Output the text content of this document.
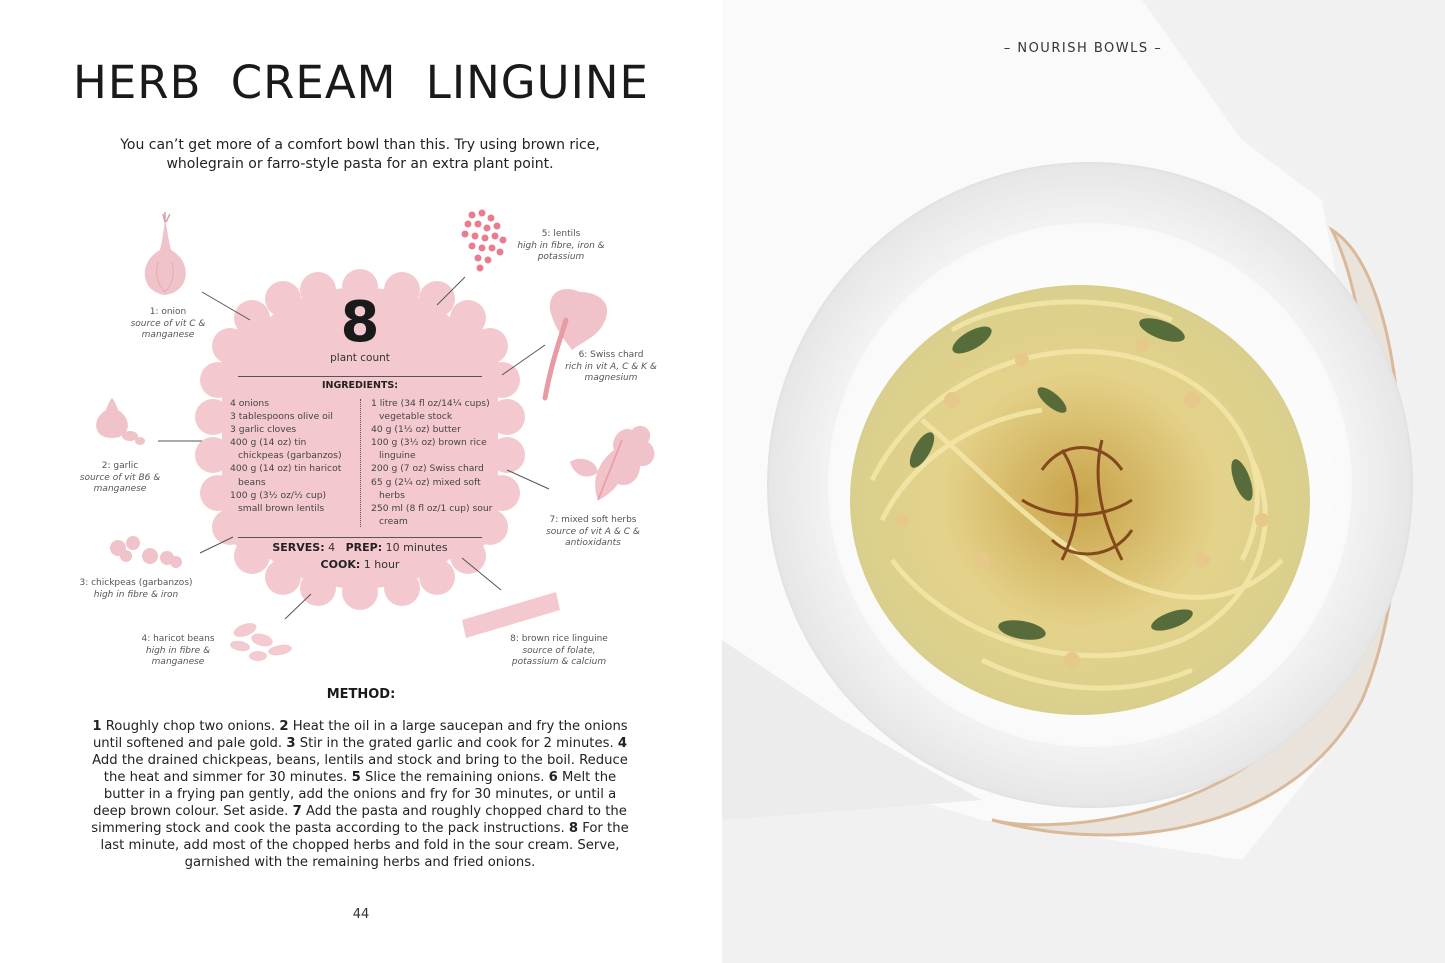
HERB CREAM LINGUINE

You can’t get more of a comfort bowl than this. Try using brown rice, wholegrain or farro-style pasta for an extra plant point.

8
plant count
INGREDIENTS:
4 onions
3 tablespoons olive oil
3 garlic cloves
400 g (14 oz) tin chickpeas (garbanzos)
400 g (14 oz) tin haricot beans
100 g (3½ oz/½ cup) small brown lentils
1 litre (34 fl oz/14¼ cups) vegetable stock
40 g (1½ oz) butter
100 g (3½ oz) brown rice linguine
200 g (7 oz) Swiss chard
65 g (2¼ oz) mixed soft herbs
250 ml (8 fl oz/1 cup) sour cream
SERVES: 4 PREP: 10 minutes
COOK: 1 hour
1: onion
source of vit C & manganese
2: garlic
source of vit B6 & manganese
3: chickpeas (garbanzos)
high in fibre & iron
4: haricot beans
high in fibre & manganese
5: lentils
high in fibre, iron & potassium
6: Swiss chard
rich in vit A, C & K & magnesium
7: mixed soft herbs
source of vit A & C & antioxidants
8: brown rice linguine
source of folate, potassium & calcium
METHOD:
1 Roughly chop two onions. 2 Heat the oil in a large saucepan and fry the onions until softened and pale gold. 3 Stir in the grated garlic and cook for 2 minutes. 4 Add the drained chickpeas, beans, lentils and stock and bring to the boil. Reduce the heat and simmer for 30 minutes. 5 Slice the remaining onions. 6 Melt the butter in a frying pan gently, add the onions and fry for 30 minutes, or until a deep brown colour. Set aside. 7 Add the pasta and roughly chopped chard to the simmering stock and cook the pasta according to the pack instructions. 8 For the last minute, add most of the chopped herbs and fold in the sour cream. Serve, garnished with the remaining herbs and fried onions.
44
– NOURISH BOWLS –
